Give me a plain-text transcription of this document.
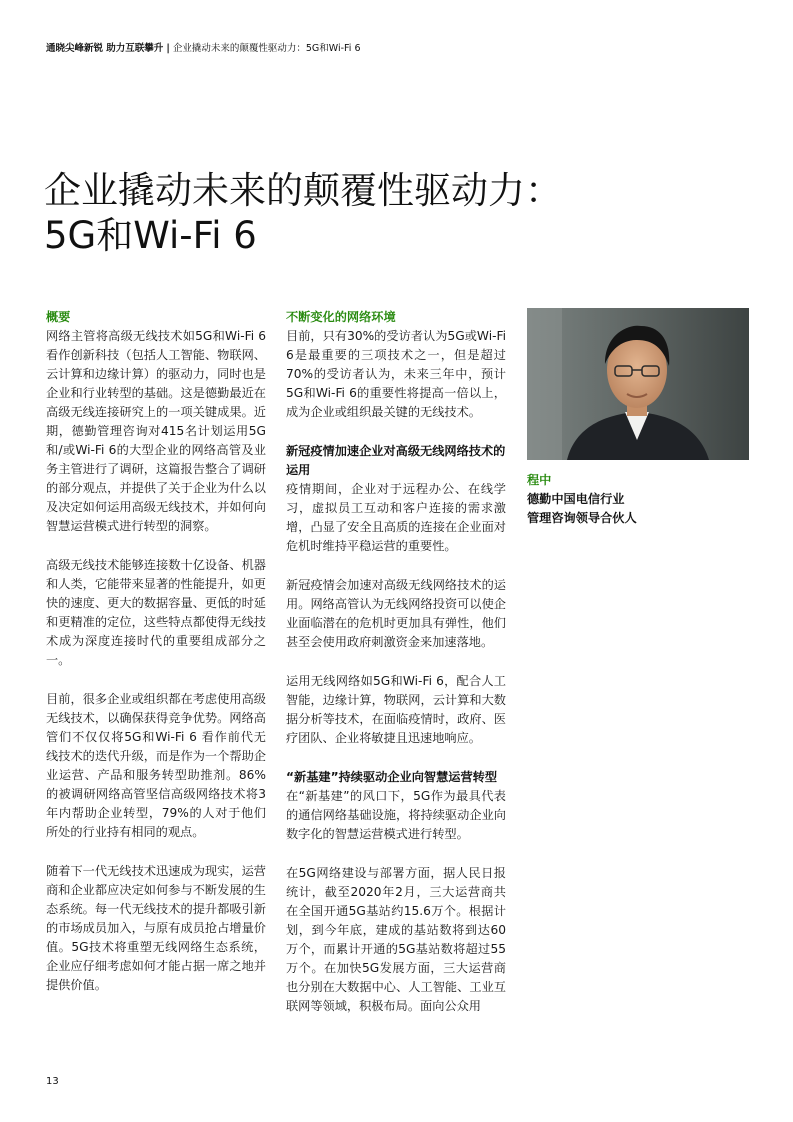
通晓尖峰新锐 助力互联攀升 | 企业撬动未来的颠覆性驱动力：5G和Wi-Fi 6
企业撬动未来的颠覆性驱动力：
5G和Wi-Fi 6
概要

网络主管将高级无线技术如5G和Wi-Fi 6看作创新科技（包括人工智能、物联网、云计算和边缘计算）的驱动力，同时也是企业和行业转型的基础。这是德勤最近在高级无线连接研究上的一项关键成果。近期，德勤管理咨询对415名计划运用5G和/或Wi-Fi 6的大型企业的网络高管及业务主管进行了调研，这篇报告整合了调研的部分观点，并提供了关于企业为什么以及决定如何运用高级无线技术，并如何向智慧运营模式进行转型的洞察。

高级无线技术能够连接数十亿设备、机器和人类，它能带来显著的性能提升，如更快的速度、更大的数据容量、更低的时延和更精准的定位，这些特点都使得无线技术成为深度连接时代的重要组成部分之一。

目前，很多企业或组织都在考虑使用高级无线技术，以确保获得竞争优势。网络高管们不仅仅将5G和Wi-Fi 6 看作前代无线技术的迭代升级，而是作为一个帮助企业运营、产品和服务转型助推剂。86%的被调研网络高管坚信高级网络技术将3年内帮助企业转型，79%的人对于他们所处的行业持有相同的观点。

随着下一代无线技术迅速成为现实，运营商和企业都应决定如何参与不断发展的生态系统。每一代无线技术的提升都吸引新的市场成员加入，与原有成员抢占增量价值。5G技术将重塑无线网络生态系统，企业应仔细考虑如何才能占据一席之地并提供价值。

不断变化的网络环境

目前，只有30%的受访者认为5G或Wi-Fi 6是最重要的三项技术之一，但是超过70%的受访者认为，未来三年中，预计5G和Wi-Fi 6的重要性将提高一倍以上，成为企业或组织最关键的无线技术。

新冠疫情加速企业对高级无线网络技术的运用

疫情期间，企业对于远程办公、在线学习，虚拟员工互动和客户连接的需求激增，凸显了安全且高质的连接在企业面对危机时维持平稳运营的重要性。

新冠疫情会加速对高级无线网络技术的运用。网络高管认为无线网络投资可以使企业面临潜在的危机时更加具有弹性，他们甚至会使用政府刺激资金来加速落地。

运用无线网络如5G和Wi-Fi 6，配合人工智能，边缘计算，物联网，云计算和大数据分析等技术，在面临疫情时，政府、医疗团队、企业将敏捷且迅速地响应。

“新基建”持续驱动企业向智慧运营转型

在“新基建”的风口下，5G作为最具代表的通信网络基础设施，将持续驱动企业向数字化的智慧运营模式进行转型。

在5G网络建设与部署方面，据人民日报统计，截至2020年2月，三大运营商共在全国开通5G基站约15.6万个。根据计划，到今年底，建成的基站数将到达60万个，而累计开通的5G基站数将超过55万个。在加快5G发展方面，三大运营商也分别在大数据中心、人工智能、工业互联网等领域，积极布局。面向公众用

程中
德勤中国电信行业
管理咨询领导合伙人
13
